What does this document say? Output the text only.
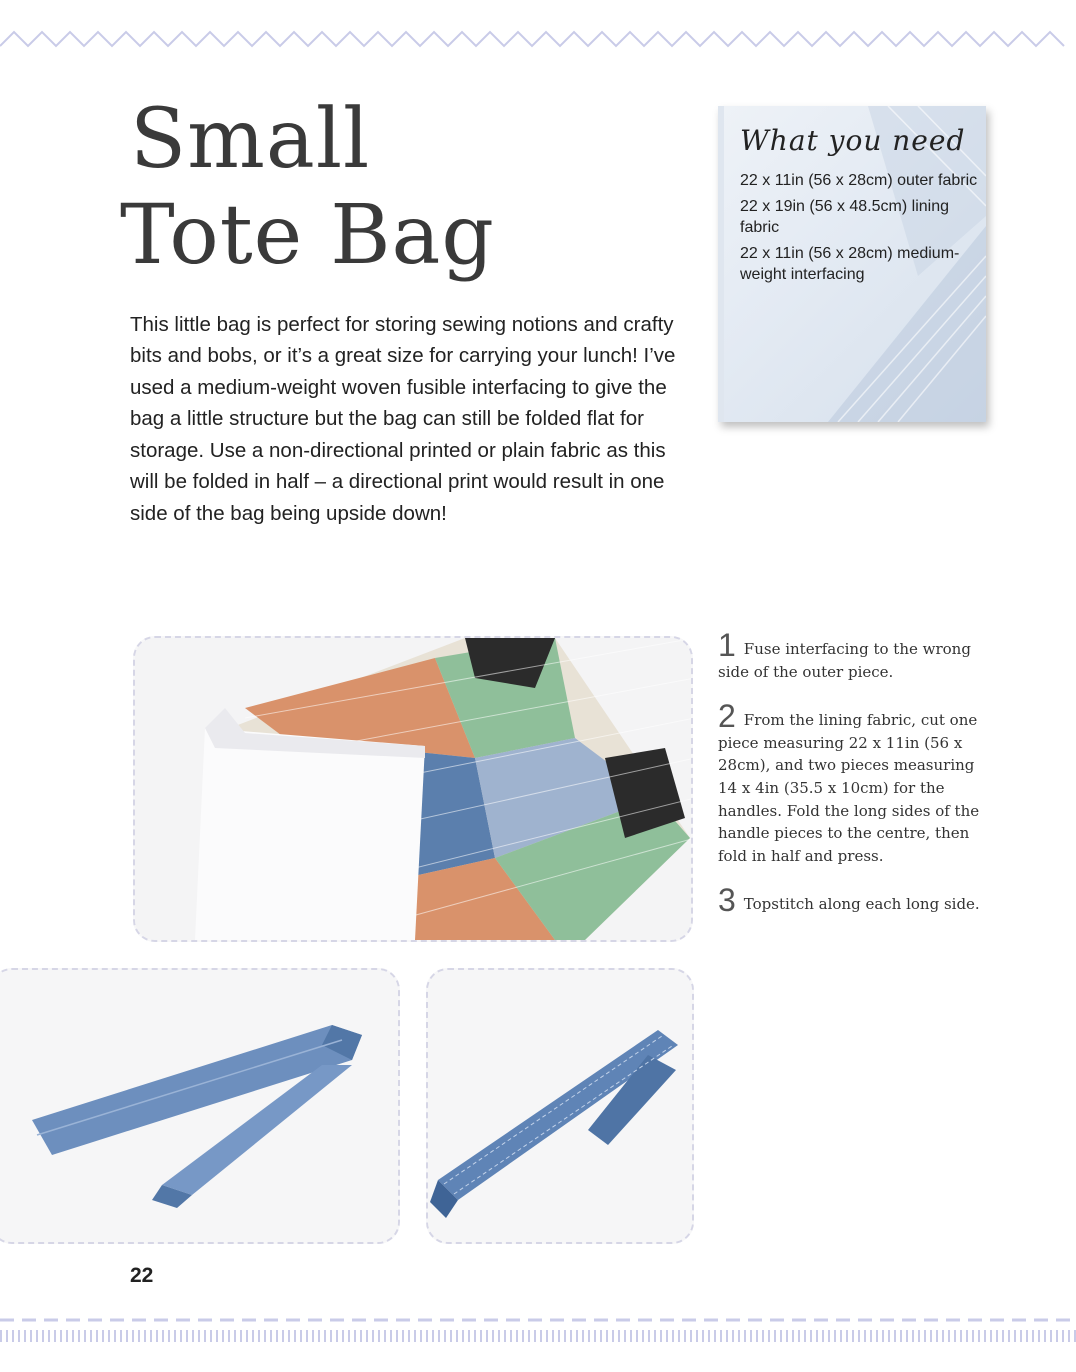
Small
Tote Bag

This little bag is perfect for storing sewing notions and crafty bits and bobs, or it’s a great size for carrying your lunch! I’ve used a medium-weight woven fusible interfacing to give the bag a little structure but the bag can still be folded flat for storage. Use a non-directional printed or plain fabric as this will be folded in half – a directional print would result in one side of the bag being upside down!

What you need
22 x 11in (56 x 28cm) outer fabric
22 x 19in (56 x 48.5cm) lining fabric
22 x 11in (56 x 28cm) medium-weight interfacing
1 Fuse interfacing to the wrong side of the outer piece.
2 From the lining fabric, cut one piece measuring 22 x 11in (56 x 28cm), and two pieces measuring 14 x 4in (35.5 x 10cm) for the handles. Fold the long sides of the handle pieces to the centre, then fold in half and press.
3 Topstitch along each long side.
22
